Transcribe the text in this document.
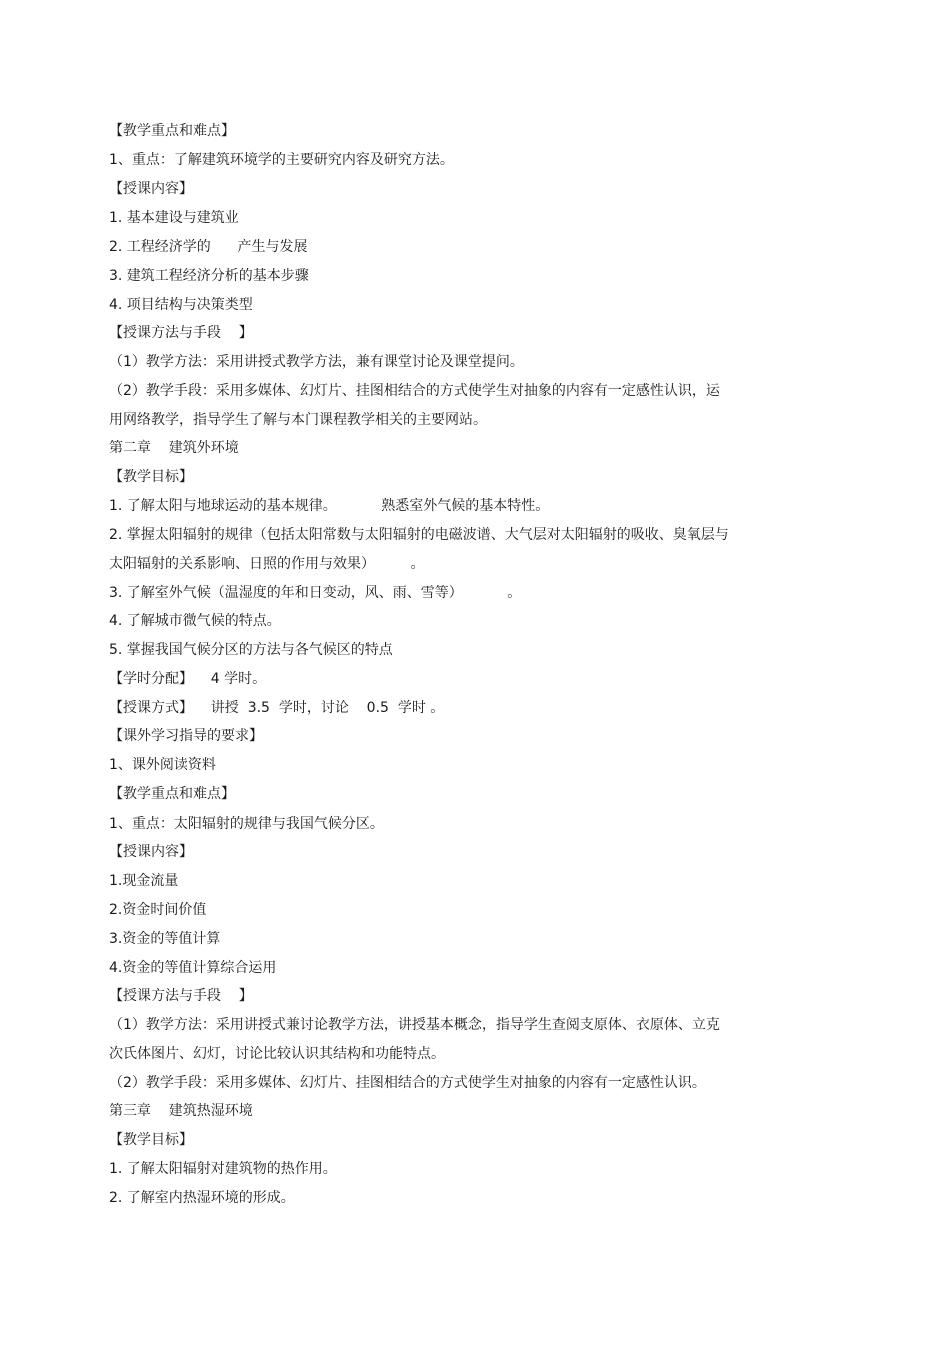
【教学重点和难点】
1、重点：了解建筑环境学的主要研究内容及研究方法。
【授课内容】
1. 基本建设与建筑业
2. 工程经济学的      产生与发展
3. 建筑工程经济分析的基本步骤
4. 项目结构与决策类型
【授课方法与手段    】
（1）教学方法：采用讲授式教学方法，兼有课堂讨论及课堂提问。
（2）教学手段：采用多媒体、幻灯片、挂图相结合的方式使学生对抽象的内容有一定感性认识，运
用网络教学，指导学生了解与本门课程教学相关的主要网站。
第二章    建筑外环境
【教学目标】
1. 了解太阳与地球运动的基本规律。          熟悉室外气候的基本特性。
2. 掌握太阳辐射的规律（包括太阳常数与太阳辐射的电磁波谱、大气层对太阳辐射的吸收、臭氧层与
太阳辐射的关系影响、日照的作用与效果）        。
3. 了解室外气候（温湿度的年和日变动，风、雨、雪等）          。
4. 了解城市微气候的特点。
5. 掌握我国气候分区的方法与各气候区的特点
【学时分配】    4 学时。
【授课方式】    讲授  3.5  学时，讨论    0.5  学时 。
【课外学习指导的要求】
1、课外阅读资料
【教学重点和难点】
1、重点：太阳辐射的规律与我国气候分区。
【授课内容】
1.现金流量
2.资金时间价值
3.资金的等值计算
4.资金的等值计算综合运用
【授课方法与手段    】
（1）教学方法：采用讲授式兼讨论教学方法，讲授基本概念，指导学生查阅支原体、衣原体、立克
次氏体图片、幻灯，讨论比较认识其结构和功能特点。
（2）教学手段：采用多媒体、幻灯片、挂图相结合的方式使学生对抽象的内容有一定感性认识。
第三章    建筑热湿环境
【教学目标】
1. 了解太阳辐射对建筑物的热作用。
2. 了解室内热湿环境的形成。
